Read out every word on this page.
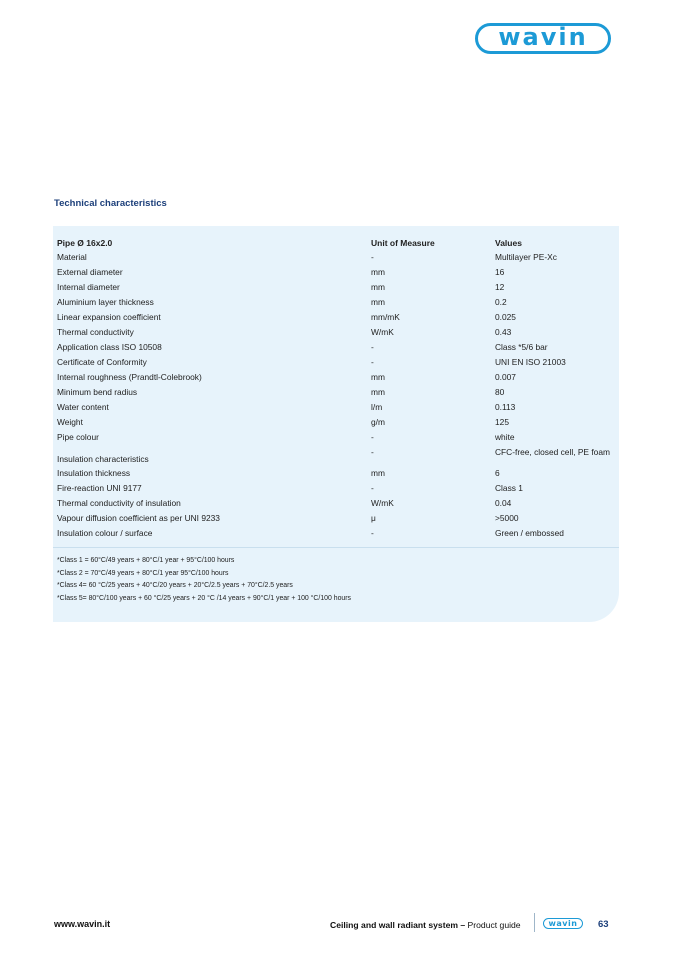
wavin
Technical characteristics
Pipe Ø 16x2.0	Unit of Measure	Values
Material	-	Multilayer PE-Xc
External diameter	mm	16
Internal diameter	mm	12
Aluminium layer thickness	mm	0.2
Linear expansion coefficient	mm/mK	0.025
Thermal conductivity	W/mK	0.43
Application class ISO 10508	-	Class *5/6 bar
Certificate of Conformity	-	UNI EN ISO 21003
Internal roughness (Prandtl-Colebrook)	mm	0.007
Minimum bend radius	mm	80
Water content	l/m	0.113
Weight	g/m	125
Pipe colour	-	white
Insulation characteristics	-	CFC-free, closed cell, PE foam
Insulation thickness	mm	6
Fire-reaction UNI 9177	-	Class 1
Thermal conductivity of insulation	W/mK	0.04
Vapour diffusion coefficient as per UNI 9233	μ	>5000
Insulation colour / surface	-	Green / embossed
*Class 1 = 60°C/49 years + 80°C/1 year + 95°C/100 hours
*Class 2 = 70°C/49 years + 80°C/1 year 95°C/100 hours
*Class 4= 60 °C/25 years + 40°C/20 years + 20°C/2.5 years + 70°C/2.5 years
*Class 5= 80°C/100 years + 60 °C/25 years + 20 °C /14 years + 90°C/1 year + 100 °C/100 hours
www.wavin.it	Ceiling and wall radiant system – Product guide	wavin 63
